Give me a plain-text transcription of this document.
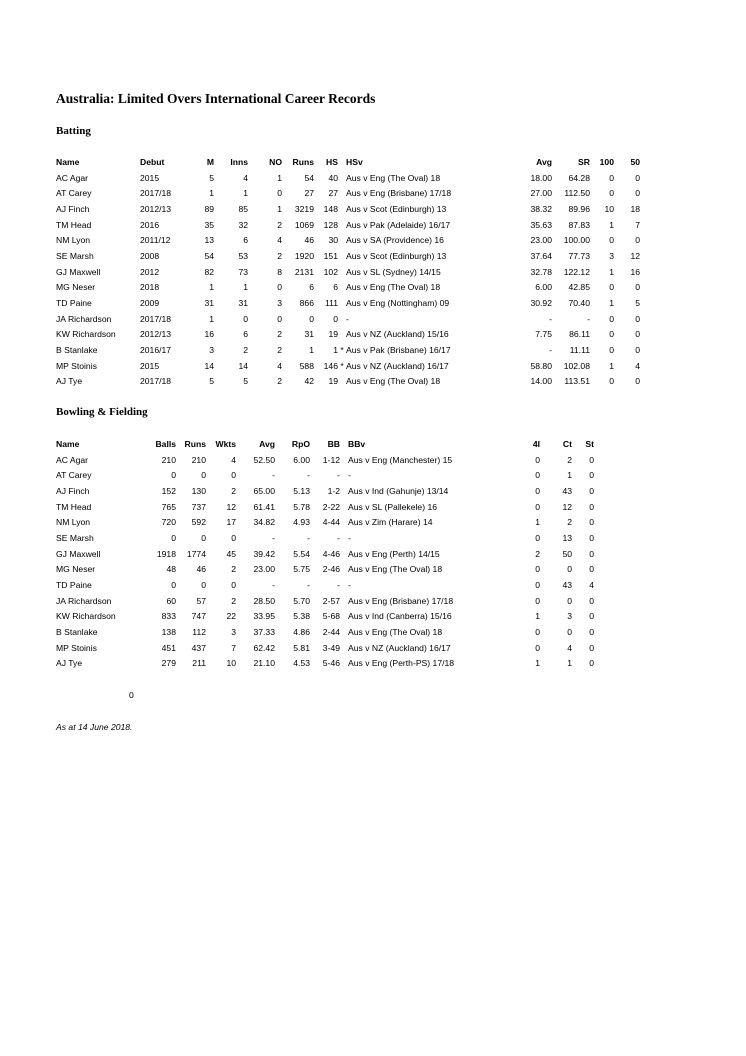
Australia: Limited Overs International Career Records
Batting
Name	Debut	M	Inns	NO	Runs	HS		HSv	Avg	SR	100	50
AC Agar	2015	5	4	1	54	40		Aus v Eng (The Oval) 18	18.00	64.28	0	0
AT Carey	2017/18	1	1	0	27	27		Aus v Eng (Brisbane) 17/18	27.00	112.50	0	0
AJ Finch	2012/13	89	85	1	3219	148		Aus v Scot (Edinburgh) 13	38.32	89.96	10	18
TM Head	2016	35	32	2	1069	128		Aus v Pak (Adelaide) 16/17	35.63	87.83	1	7
NM Lyon	2011/12	13	6	4	46	30		Aus v SA (Providence) 16	23.00	100.00	0	0
SE Marsh	2008	54	53	2	1920	151		Aus v Scot (Edinburgh) 13	37.64	77.73	3	12
GJ Maxwell	2012	82	73	8	2131	102		Aus v SL (Sydney) 14/15	32.78	122.12	1	16
MG Neser	2018	1	1	0	6	6		Aus v Eng (The Oval) 18	6.00	42.85	0	0
TD Paine	2009	31	31	3	866	111		Aus v Eng (Nottingham) 09	30.92	70.40	1	5
JA Richardson	2017/18	1	0	0	0	0		-	-	-	0	0
KW Richardson	2012/13	16	6	2	31	19		Aus v NZ (Auckland) 15/16	7.75	86.11	0	0
B Stanlake	2016/17	3	2	2	1	1	*	Aus v Pak (Brisbane) 16/17	-	11.11	0	0
MP Stoinis	2015	14	14	4	588	146	*	Aus v NZ (Auckland) 16/17	58.80	102.08	1	4
AJ Tye	2017/18	5	5	2	42	19		Aus v Eng (The Oval) 18	14.00	113.51	0	0
Bowling & Fielding
Name	Balls	Runs	Wkts	Avg	RpO	BB		BBv	4I	Ct	St
AC Agar	210	210	4	52.50	6.00	1-12		Aus v Eng (Manchester) 15	0	2	0
AT Carey	0	0	0	-	-	-		-	0	1	0
AJ Finch	152	130	2	65.00	5.13	1-2		Aus v Ind (Gahunje) 13/14	0	43	0
TM Head	765	737	12	61.41	5.78	2-22		Aus v SL (Pallekele) 16	0	12	0
NM Lyon	720	592	17	34.82	4.93	4-44		Aus v Zim (Harare) 14	1	2	0
SE Marsh	0	0	0	-	-	-		-	0	13	0
GJ Maxwell	1918	1774	45	39.42	5.54	4-46		Aus v Eng (Perth) 14/15	2	50	0
MG Neser	48	46	2	23.00	5.75	2-46		Aus v Eng (The Oval) 18	0	0	0
TD Paine	0	0	0	-	-	-		-	0	43	4
JA Richardson	60	57	2	28.50	5.70	2-57		Aus v Eng (Brisbane) 17/18	0	0	0
KW Richardson	833	747	22	33.95	5.38	5-68		Aus v Ind (Canberra) 15/16	1	3	0
B Stanlake	138	112	3	37.33	4.86	2-44		Aus v Eng (The Oval) 18	0	0	0
MP Stoinis	451	437	7	62.42	5.81	3-49		Aus v NZ (Auckland) 16/17	0	4	0
AJ Tye	279	211	10	21.10	4.53	5-46		Aus v Eng (Perth-PS) 17/18	1	1	0
0
As at 14 June 2018.
